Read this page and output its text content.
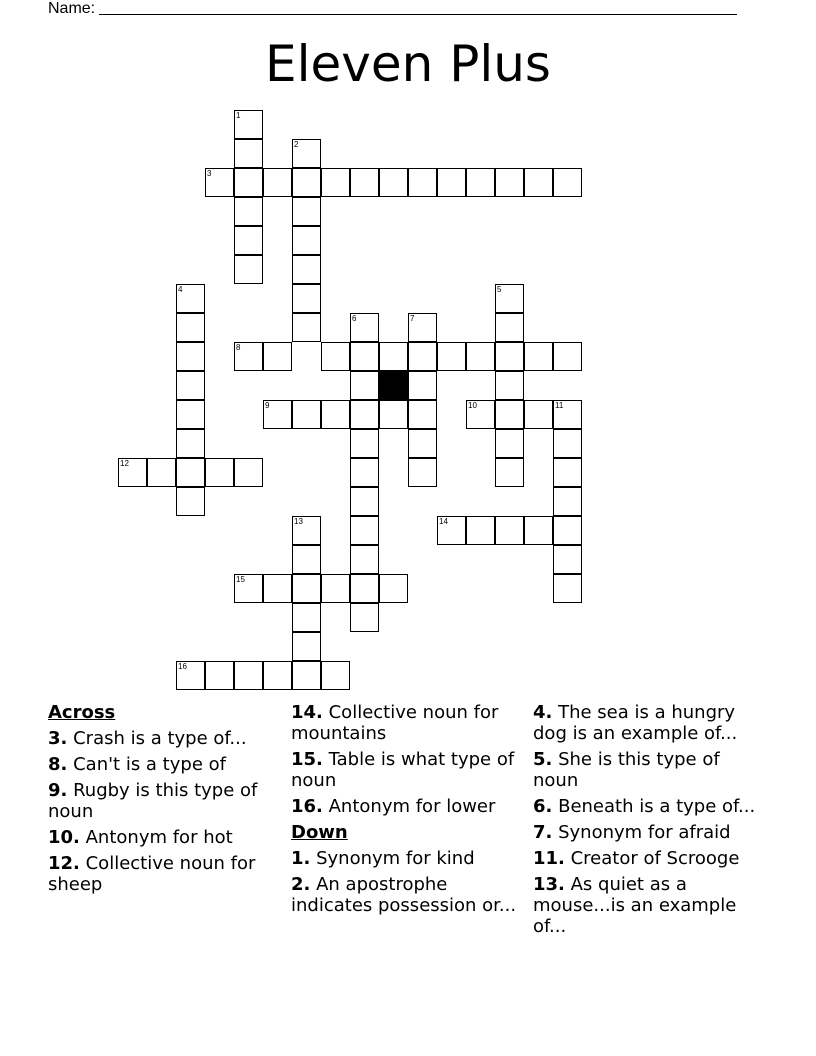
Name:
Eleven Plus
1
2
3
4	5
6	7
8
9	10	11
12
13	14
15
16
Across
3. Crash is a type of...
8. Can't is a type of
9. Rugby is this type of noun
10. Antonym for hot
12. Collective noun for sheep
14. Collective noun for mountains
15. Table is what type of noun
16. Antonym for lower
Down
1. Synonym for kind
2. An apostrophe indicates possession or...
4. The sea is a hungry dog is an example of...
5. She is this type of noun
6. Beneath is a type of...
7. Synonym for afraid
11. Creator of Scrooge
13. As quiet as a mouse...is an example of...
